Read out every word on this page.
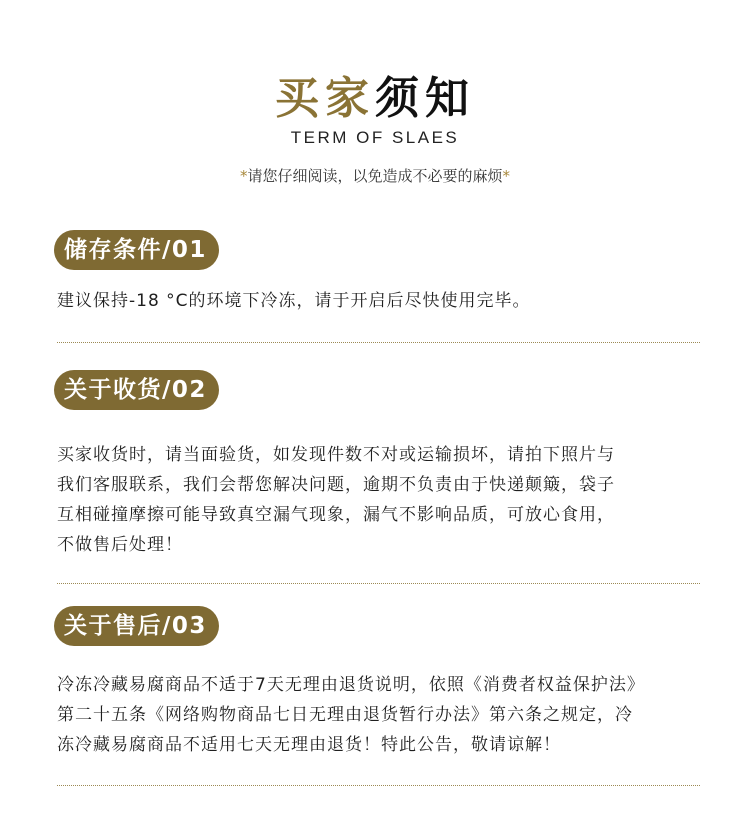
买家须知
TERM OF SLAES
*请您仔细阅读，以免造成不必要的麻烦*
储存条件/01

建议保持-18 °C的环境下冷冻，请于开启后尽快使用完毕。

关于收货/02

买家收货时，请当面验货，如发现件数不对或运输损坏，请拍下照片与

我们客服联系，我们会帮您解决问题，逾期不负责由于快递颠簸，袋子

互相碰撞摩擦可能导致真空漏气现象，漏气不影响品质，可放心食用，

不做售后处理！

关于售后/03

冷冻冷藏易腐商品不适于7天无理由退货说明，依照《消费者权益保护法》

第二十五条《网络购物商品七日无理由退货暂行办法》第六条之规定，冷

冻冷藏易腐商品不适用七天无理由退货！特此公告，敬请谅解！
